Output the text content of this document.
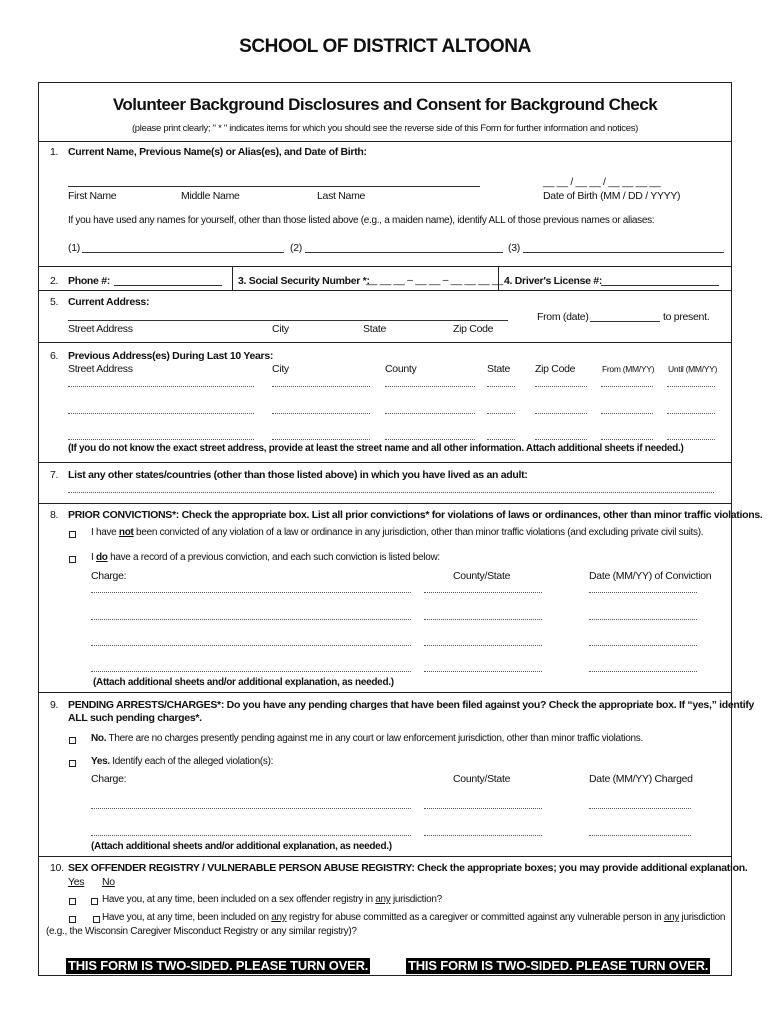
SCHOOL OF DISTRICT ALTOONA
Volunteer Background Disclosures and Consent for Background Check
(please print clearly; " * " indicates items for which you should see the reverse side of this Form for further information and notices)
1. Current Name, Previous Name(s) or Alias(es), and Date of Birth:
__ __ / __ __ / __ __ __ __
First Name	Middle Name	Last Name	Date of Birth (MM / DD / YYYY)
If you have used any names for yourself, other than those listed above (e.g., a maiden name), identify ALL of those previous names or aliases:
(1)	(2)	(3)
2. Phone #:	3. Social Security Number *:
__ __ __ – __ __ – __ __ __ __ 4. Driver's License #:
5. Current Address:
From (date)	to present.
Street Address	City	State	Zip Code
6. Previous Address(es) During Last 10 Years:
Street Address	City	County	State Zip Code	From (MM/YY) Until (MM/YY)
(If you do not know the exact street address, provide at least the street name and all other information. Attach additional sheets if needed.)
7. List any other states/countries (other than those listed above) in which you have lived as an adult:
8. PRIOR CONVICTIONS*: Check the appropriate box. List all prior convictions* for violations of laws or ordinances, other than minor traffic violations.
I have not been convicted of any violation of a law or ordinance in any jurisdiction, other than minor traffic violations (and excluding private civil suits).
I do have a record of a previous conviction, and each such conviction is listed below:
Charge:	County/State	Date (MM/YY) of Conviction
(Attach additional sheets and/or additional explanation, as needed.)
9. PENDING ARRESTS/CHARGES*: Do you have any pending charges that have been filed against you? Check the appropriate box. If “yes,” identify
ALL such pending charges*.
No. There are no charges presently pending against me in any court or law enforcement jurisdiction, other than minor traffic violations.
Yes. Identify each of the alleged violation(s):
Charge:	County/State	Date (MM/YY) Charged
(Attach additional sheets and/or additional explanation, as needed.)
10. SEX OFFENDER REGISTRY / VULNERABLE PERSON ABUSE REGISTRY: Check the appropriate boxes; you may provide additional explanation.
Yes No
Have you, at any time, been included on a sex offender registry in any jurisdiction?
Have you, at any time, been included on any registry for abuse committed as a caregiver or committed against any vulnerable person in any jurisdiction
(e.g., the Wisconsin Caregiver Misconduct Registry or any similar registry)?
THIS FORM IS TWO-SIDED. PLEASE TURN OVER.	THIS FORM IS TWO-SIDED. PLEASE TURN OVER.
